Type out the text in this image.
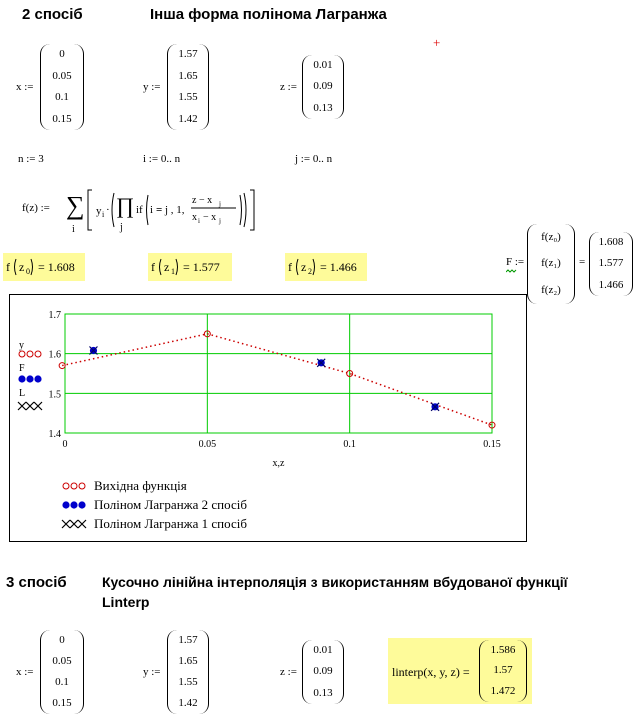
2 спосіб	Інша форма полінома Лагранжа
+
x :=
0
0.05
0.1
0.15
y :=
1.57
1.65
1.55
1.42
z :=
0.01
0.09
0.13
n := 3	i := 0.. n	j := 0.. n
f(z) := ∑
i
y i · ∏
j
if i = j , 1,
z − x j
x i − x j
f z 0 = 1.608	f z 1 = 1.577	f z 2 = 1.466	F :=
f(z₀)
f(z₁)
f(z₂)
=
1.608
1.577
1.466
0	0.05	0.1	0.15
1.4
1.5
1.6
1.7
x,z
y
F
L
Вихідна функція
Поліном Лагранжа 2 спосіб
Поліном Лагранжа 1 спосіб
3 спосіб	Кусочно лінійна інтерполяція з використанням вбудованої функції
Linterp
x :=
0
0.05
0.1
0.15
y :=
1.57
1.65
1.55
1.42
z :=
0.01
0.09
0.13
linterp(x, y, z) =
1.586
1.57
1.472
